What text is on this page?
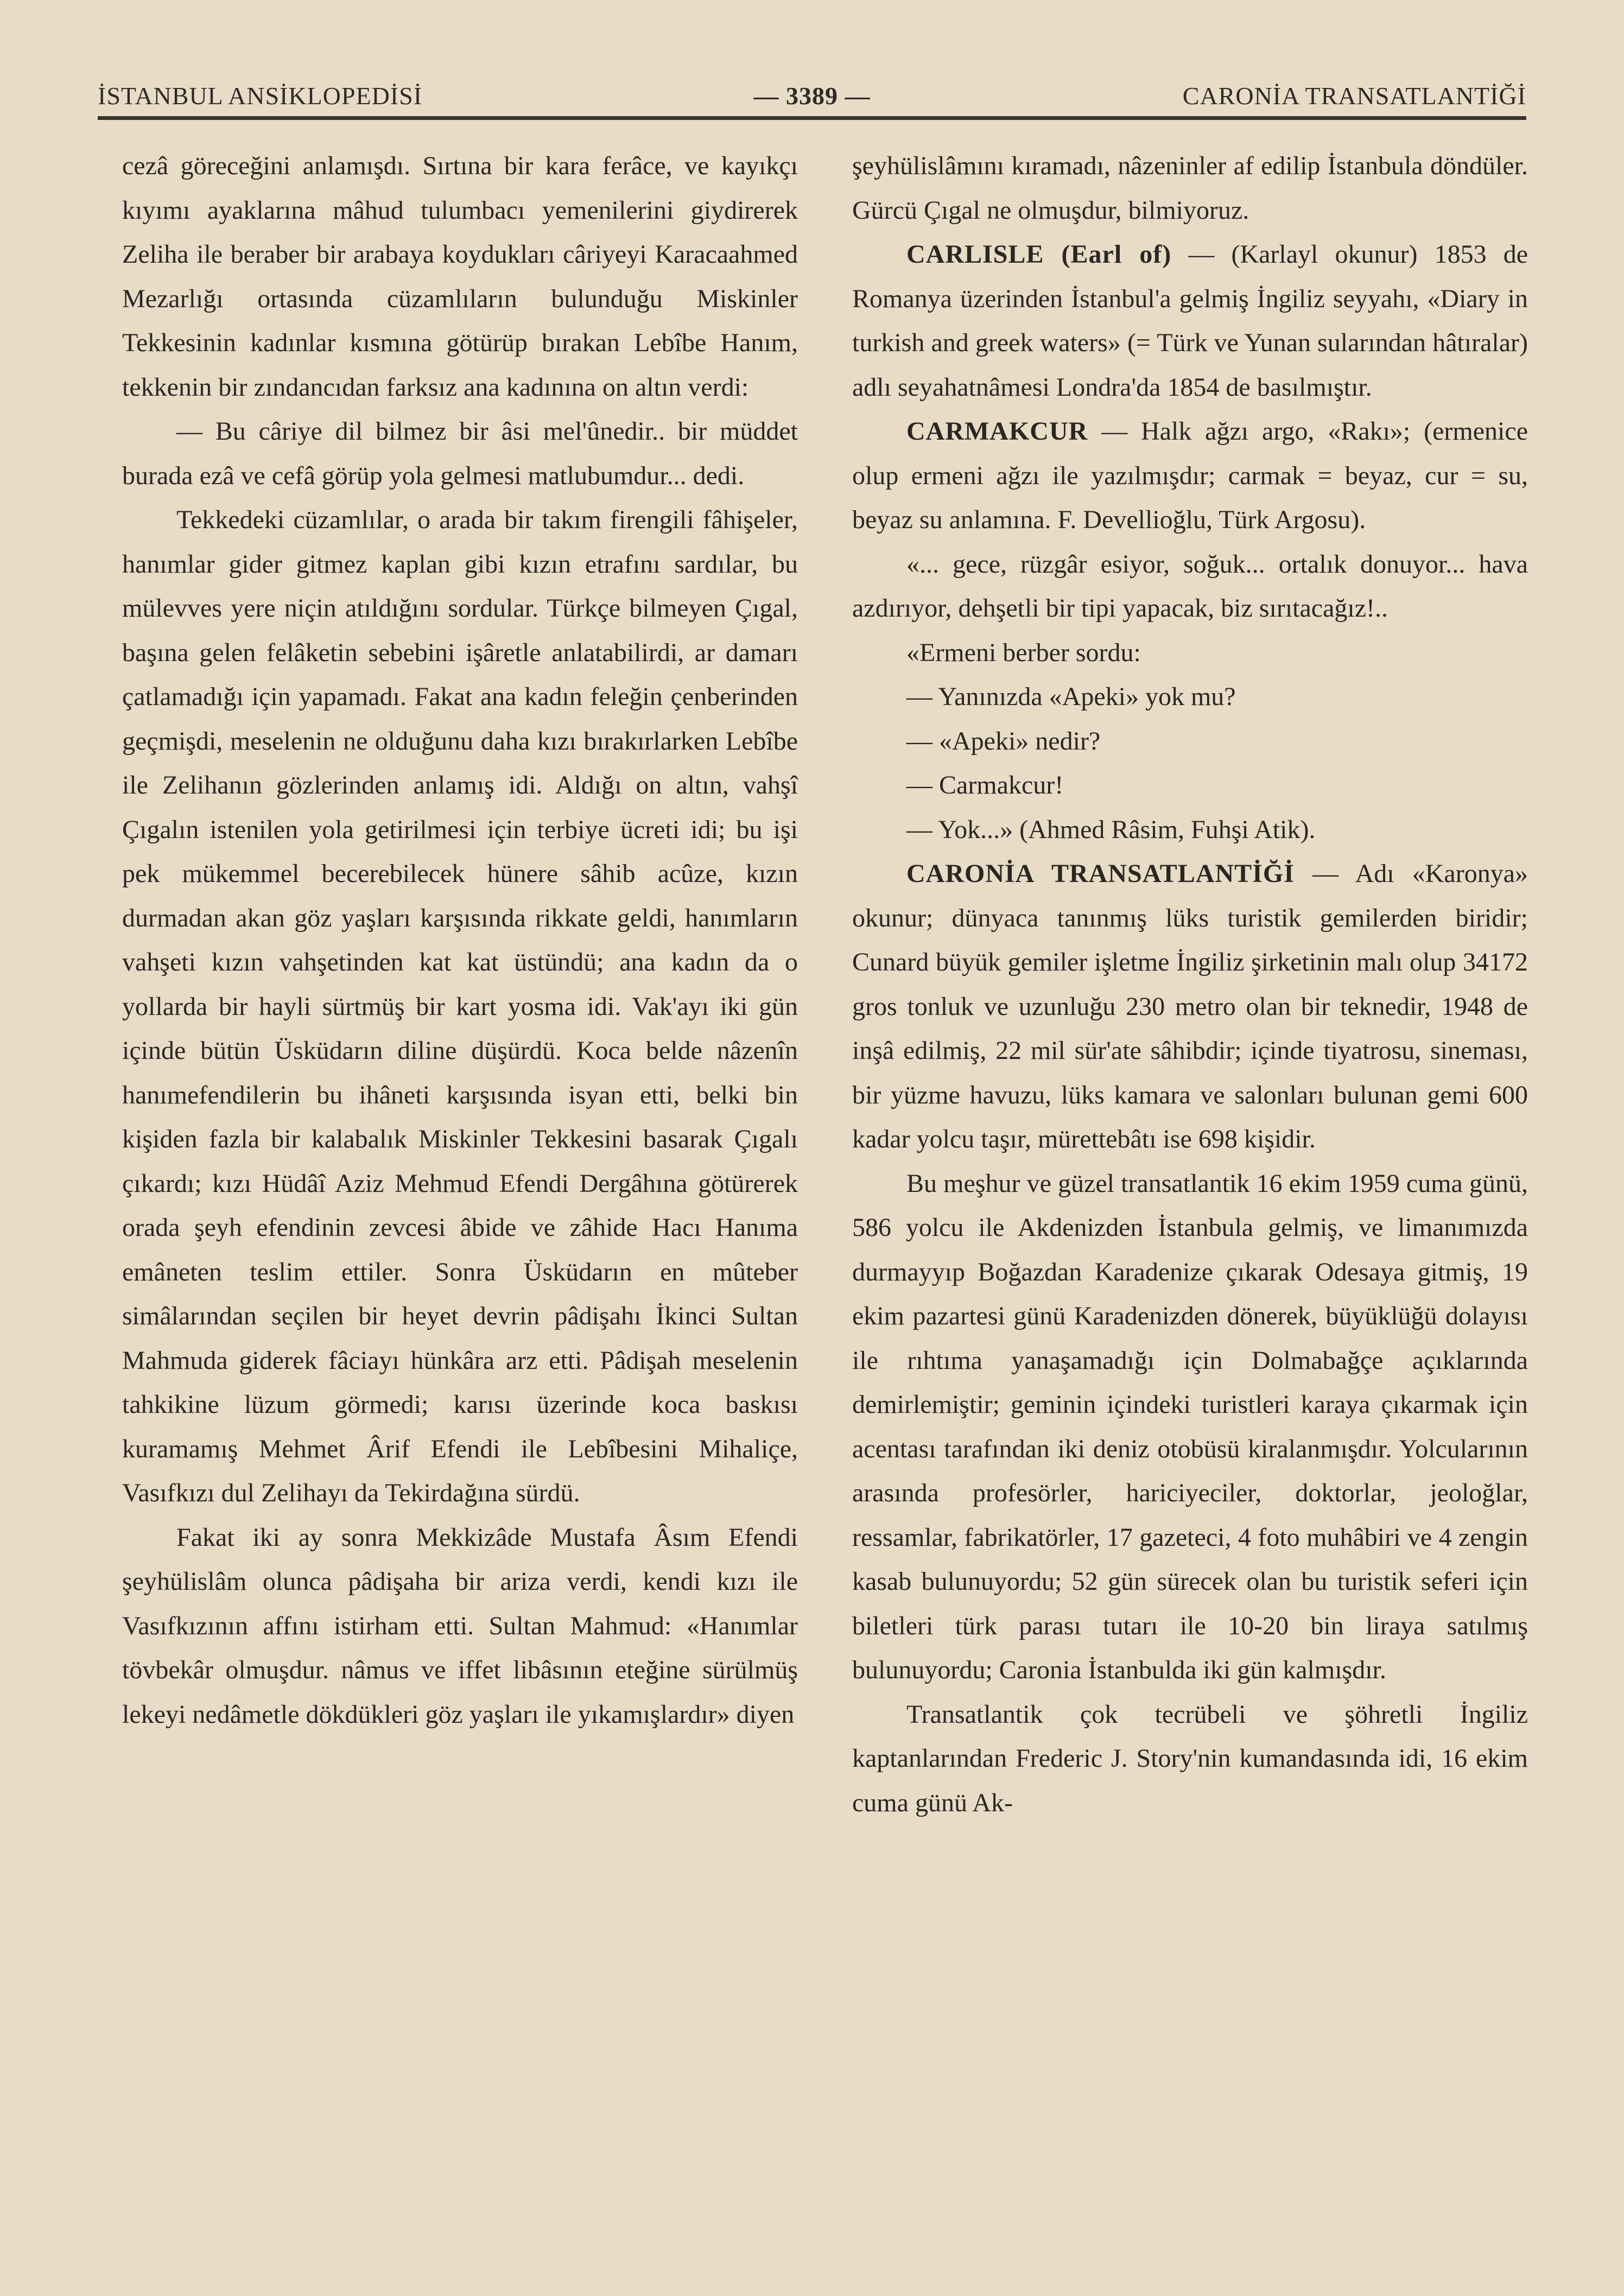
İSTANBUL ANSİKLOPEDİSİ	— 3389 —	CARONİA TRANSATLANTİĞİ

cezâ göreceğini anlamışdı. Sırtına bir kara ferâce, ve kayıkçı kıyımı ayaklarına mâhud tulumbacı yemenilerini giydirerek Zeliha ile beraber bir arabaya koydukları câriyeyi Karacaahmed Mezarlığı ortasında cüzamlıların bulunduğu Miskinler Tekkesinin kadınlar kısmına götürüp bırakan Lebîbe Hanım, tekkenin bir zındancıdan farksız ana kadınına on altın verdi:

— Bu câriye dil bilmez bir âsi mel'ûnedir.. bir müddet burada ezâ ve cefâ görüp yola gelmesi matlubumdur... dedi.

Tekkedeki cüzamlılar, o arada bir takım firengili fâhişeler, hanımlar gider gitmez kaplan gibi kızın etrafını sardılar, bu mülevves yere niçin atıldığını sordular. Türkçe bilmeyen Çıgal, başına gelen felâketin sebebini işâretle anlatabilirdi, ar damarı çatlamadığı için yapamadı. Fakat ana kadın feleğin çenberinden geçmişdi, meselenin ne olduğunu daha kızı bırakırlarken Lebîbe ile Zelihanın gözlerinden anlamış idi. Aldığı on altın, vahşî Çıgalın istenilen yola getirilmesi için terbiye ücreti idi; bu işi pek mükemmel becerebilecek hünere sâhib acûze, kızın durmadan akan göz yaşları karşısında rikkate geldi, hanımların vahşeti kızın vahşetinden kat kat üstündü; ana kadın da o yollarda bir hayli sürtmüş bir kart yosma idi. Vak'ayı iki gün içinde bütün Üsküdarın diline düşürdü. Koca belde nâzenîn hanımefendilerin bu ihâneti karşısında isyan etti, belki bin kişiden fazla bir kalabalık Miskinler Tekkesini basarak Çıgalı çıkardı; kızı Hüdâî Aziz Mehmud Efendi Dergâhına götürerek orada şeyh efendinin zevcesi âbide ve zâhide Hacı Hanıma emâneten teslim ettiler. Sonra Üsküdarın en mûteber simâlarından seçilen bir heyet devrin pâdişahı İkinci Sultan Mahmuda giderek fâciayı hünkâra arz etti. Pâdişah meselenin tahkikine lüzum görmedi; karısı üzerinde koca baskısı kuramamış Mehmet Ârif Efendi ile Lebîbesini Mihaliçe, Vasıfkızı dul Zelihayı da Tekirdağına sürdü.

Fakat iki ay sonra Mekkizâde Mustafa Âsım Efendi şeyhülislâm olunca pâdişaha bir ariza verdi, kendi kızı ile Vasıfkızının affını istirham etti. Sultan Mahmud: «Hanımlar tövbekâr olmuşdur. nâmus ve iffet libâsının eteğine sürülmüş lekeyi nedâmetle dökdükleri göz yaşları ile yıkamışlardır» diyen

şeyhülislâmını kıramadı, nâzeninler af edilip İstanbula döndüler. Gürcü Çıgal ne olmuşdur, bilmiyoruz.

CARLISLE (Earl of) — (Karlayl okunur) 1853 de Romanya üzerinden İstanbul'a gelmiş İngiliz seyyahı, «Diary in turkish and greek waters» (= Türk ve Yunan sularından hâtıralar) adlı seyahatnâmesi Londra'da 1854 de basılmıştır.

CARMAKCUR — Halk ağzı argo, «Rakı»; (ermenice olup ermeni ağzı ile yazılmışdır; carmak = beyaz, cur = su, beyaz su anlamına. F. Devellioğlu, Türk Argosu).

«... gece, rüzgâr esiyor, soğuk... ortalık donuyor... hava azdırıyor, dehşetli bir tipi yapacak, biz sırıtacağız!..

«Ermeni berber sordu:

— Yanınızda «Apeki» yok mu?

— «Apeki» nedir?

— Carmakcur!

— Yok...» (Ahmed Râsim, Fuhşi Atik).

CARONİA TRANSATLANTİĞİ — Adı «Karonya» okunur; dünyaca tanınmış lüks turistik gemilerden biridir; Cunard büyük gemiler işletme İngiliz şirketinin malı olup 34172 gros tonluk ve uzunluğu 230 metro olan bir teknedir, 1948 de inşâ edilmiş, 22 mil sür'ate sâhibdir; içinde tiyatrosu, sineması, bir yüzme havuzu, lüks kamara ve salonları bulunan gemi 600 kadar yolcu taşır, mürettebâtı ise 698 kişidir.

Bu meşhur ve güzel transatlantik 16 ekim 1959 cuma günü, 586 yolcu ile Akdenizden İstanbula gelmiş, ve limanımızda durmayyıp Boğazdan Karadenize çıkarak Odesaya gitmiş, 19 ekim pazartesi günü Karadenizden dönerek, büyüklüğü dolayısı ile rıhtıma yanaşamadığı için Dolmabağçe açıklarında demirlemiştir; geminin içindeki turistleri karaya çıkarmak için acentası tarafından iki deniz otobüsü kiralanmışdır. Yolcularının arasında profesörler, hariciyeciler, doktorlar, jeoloğlar, ressamlar, fabrikatörler, 17 gazeteci, 4 foto muhâbiri ve 4 zengin kasab bulunuyordu; 52 gün sürecek olan bu turistik seferi için biletleri türk parası tutarı ile 10-20 bin liraya satılmış bulunuyordu; Caronia İstanbulda iki gün kalmışdır.

Transatlantik çok tecrübeli ve şöhretli İngiliz kaptanlarından Frederic J. Story'nin kumandasında idi, 16 ekim cuma günü Ak-
